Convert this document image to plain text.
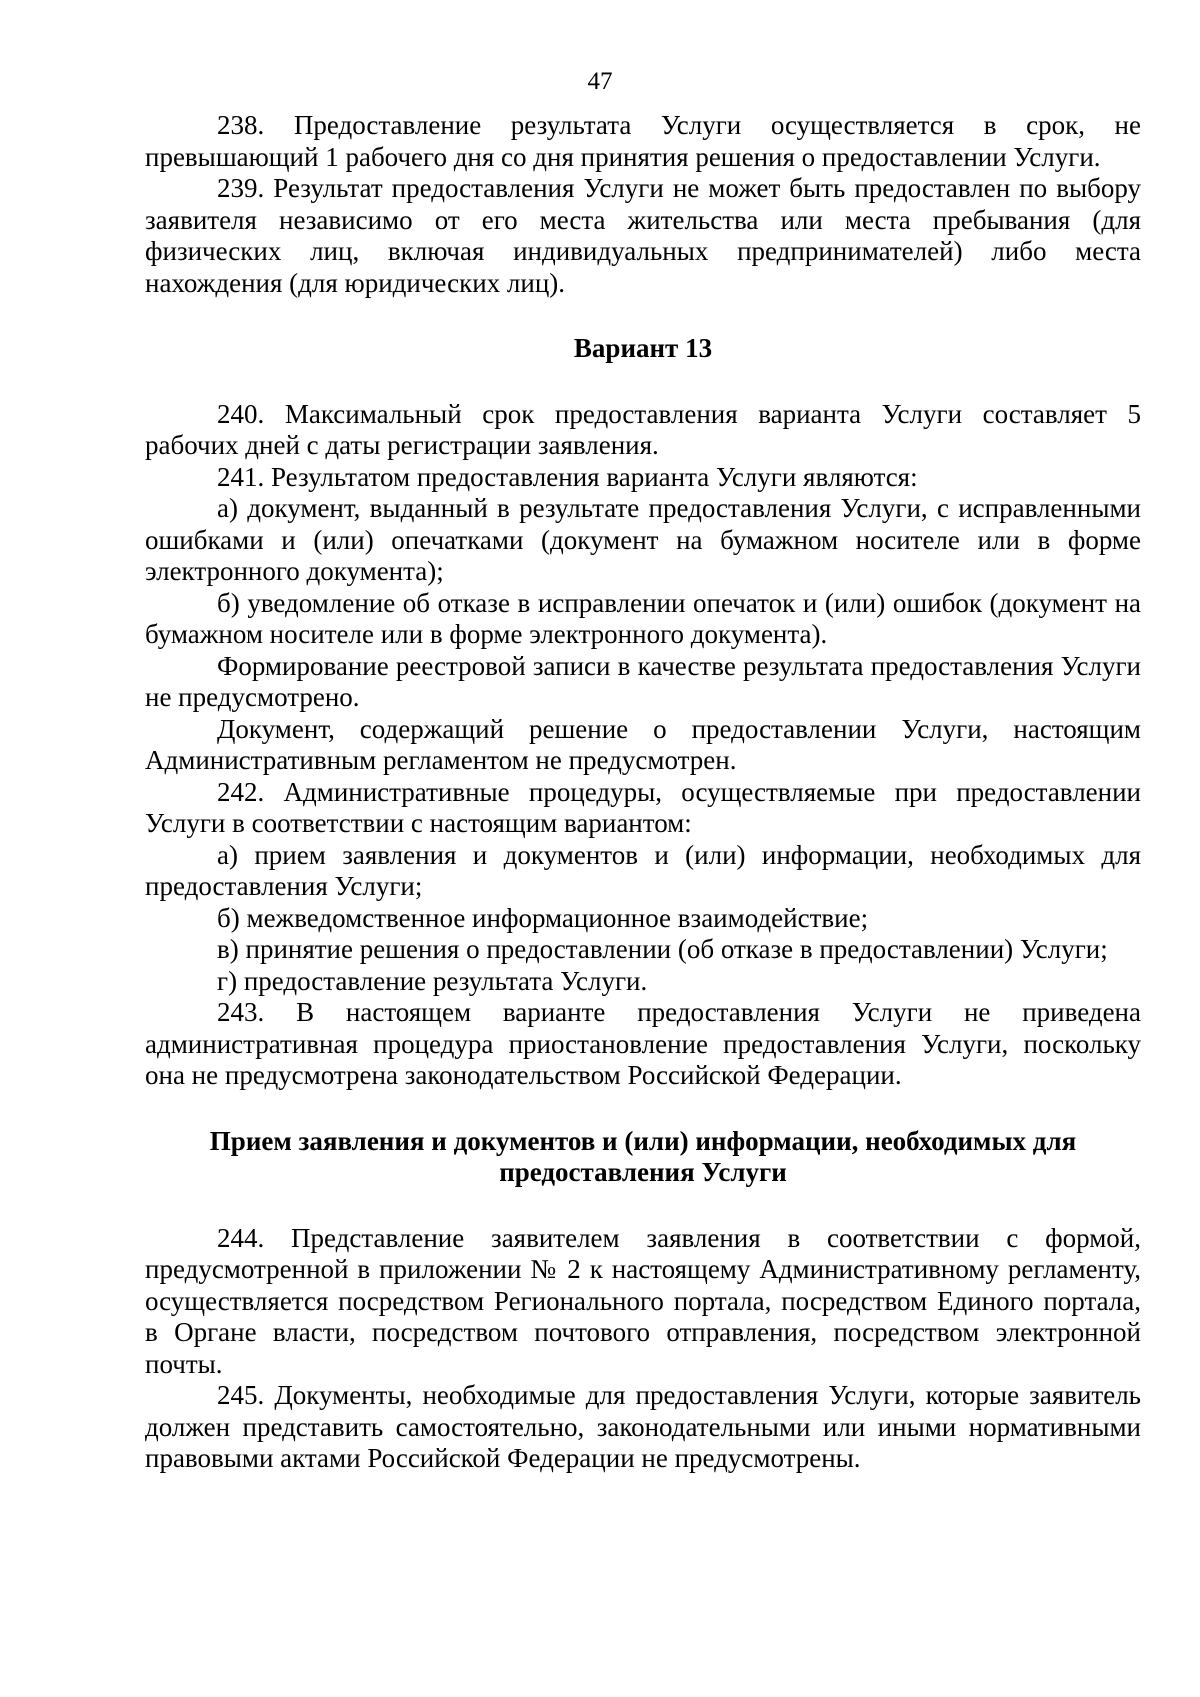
47

238. Предоставление результата Услуги осуществляется в срок, не превышающий 1 рабочего дня со дня принятия решения о предоставлении Услуги.

239. Результат предоставления Услуги не может быть предоставлен по выбору заявителя независимо от его места жительства или места пребывания (для физических лиц, включая индивидуальных предпринимателей) либо места нахождения (для юридических лиц).

Вариант 13

240. Максимальный срок предоставления варианта Услуги составляет 5 рабочих дней с даты регистрации заявления.

241. Результатом предоставления варианта Услуги являются:

а) документ, выданный в результате предоставления Услуги, с исправленными ошибками и (или) опечатками (документ на бумажном носителе или в форме электронного документа);

б) уведомление об отказе в исправлении опечаток и (или) ошибок (документ на бумажном носителе или в форме электронного документа).

Формирование реестровой записи в качестве результата предоставления Услуги не предусмотрено.

Документ, содержащий решение о предоставлении Услуги, настоящим Административным регламентом не предусмотрен.

242. Административные процедуры, осуществляемые при предоставлении Услуги в соответствии с настоящим вариантом:

а) прием заявления и документов и (или) информации, необходимых для предоставления Услуги;

б) межведомственное информационное взаимодействие;

в) принятие решения о предоставлении (об отказе в предоставлении) Услуги;

г) предоставление результата Услуги.

243. В настоящем варианте предоставления Услуги не приведена административная процедура приостановление предоставления Услуги, поскольку она не предусмотрена законодательством Российской Федерации.

Прием заявления и документов и (или) информации, необходимых для
предоставления Услуги

244. Представление заявителем заявления в соответствии с формой, предусмотренной в приложении № 2 к настоящему Административному регламенту, осуществляется посредством Регионального портала, посредством Единого портала, в Органе власти, посредством почтового отправления, посредством электронной почты.

245. Документы, необходимые для предоставления Услуги, которые заявитель должен представить самостоятельно, законодательными или иными нормативными правовыми актами Российской Федерации не предусмотрены.
